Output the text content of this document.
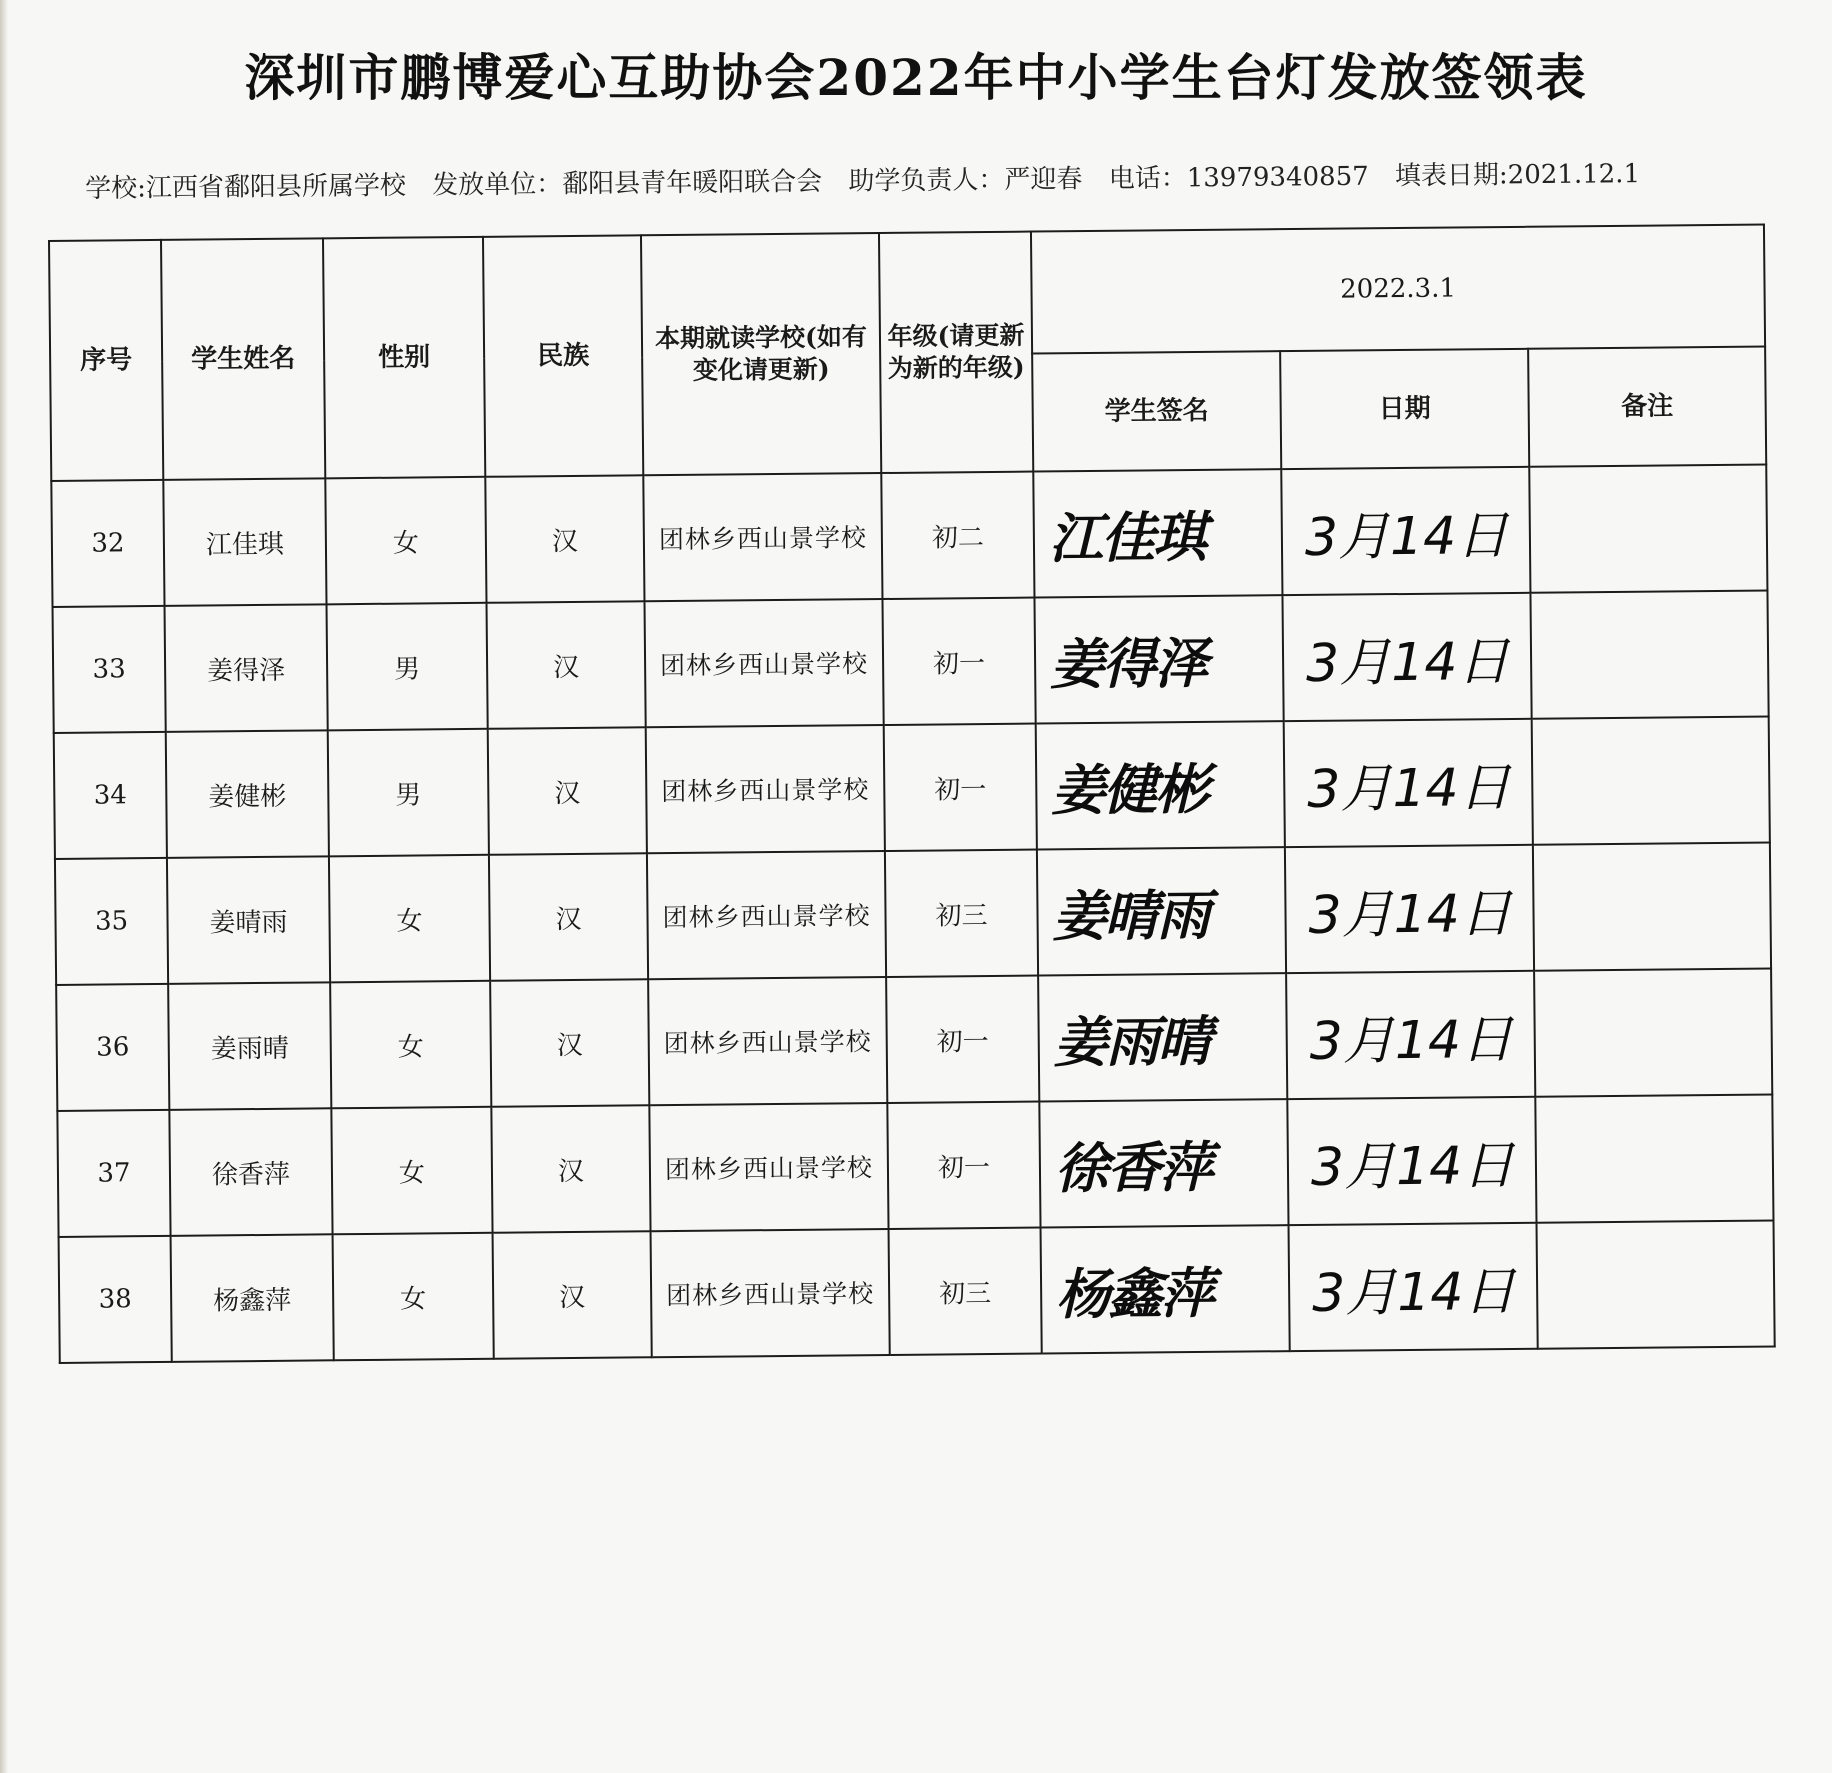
深圳市鹏博爱心互助协会2022年中小学生台灯发放签领表
学校:江西省鄱阳县所属学校 发放单位：鄱阳县青年暖阳联合会 助学负责人：严迎春 电话：13979340857 填表日期:2021.12.1
序号	学生姓名	性别	民族	本期就读学校(如有变化请更新)	年级(请更新为新的年级)	2022.3.1		
						学生签名	日期	备注
32	江佳琪	女	汉	团林乡西山景学校	初二	江佳琪	3月14日	
33	姜得泽	男	汉	团林乡西山景学校	初一	姜得泽	3月14日	
34	姜健彬	男	汉	团林乡西山景学校	初一	姜健彬	3月14日	
35	姜晴雨	女	汉	团林乡西山景学校	初三	姜晴雨	3月14日	
36	姜雨晴	女	汉	团林乡西山景学校	初一	姜雨晴	3月14日	
37	徐香萍	女	汉	团林乡西山景学校	初一	徐香萍	3月14日	
38	杨鑫萍	女	汉	团林乡西山景学校	初三	杨鑫萍	3月14日	
